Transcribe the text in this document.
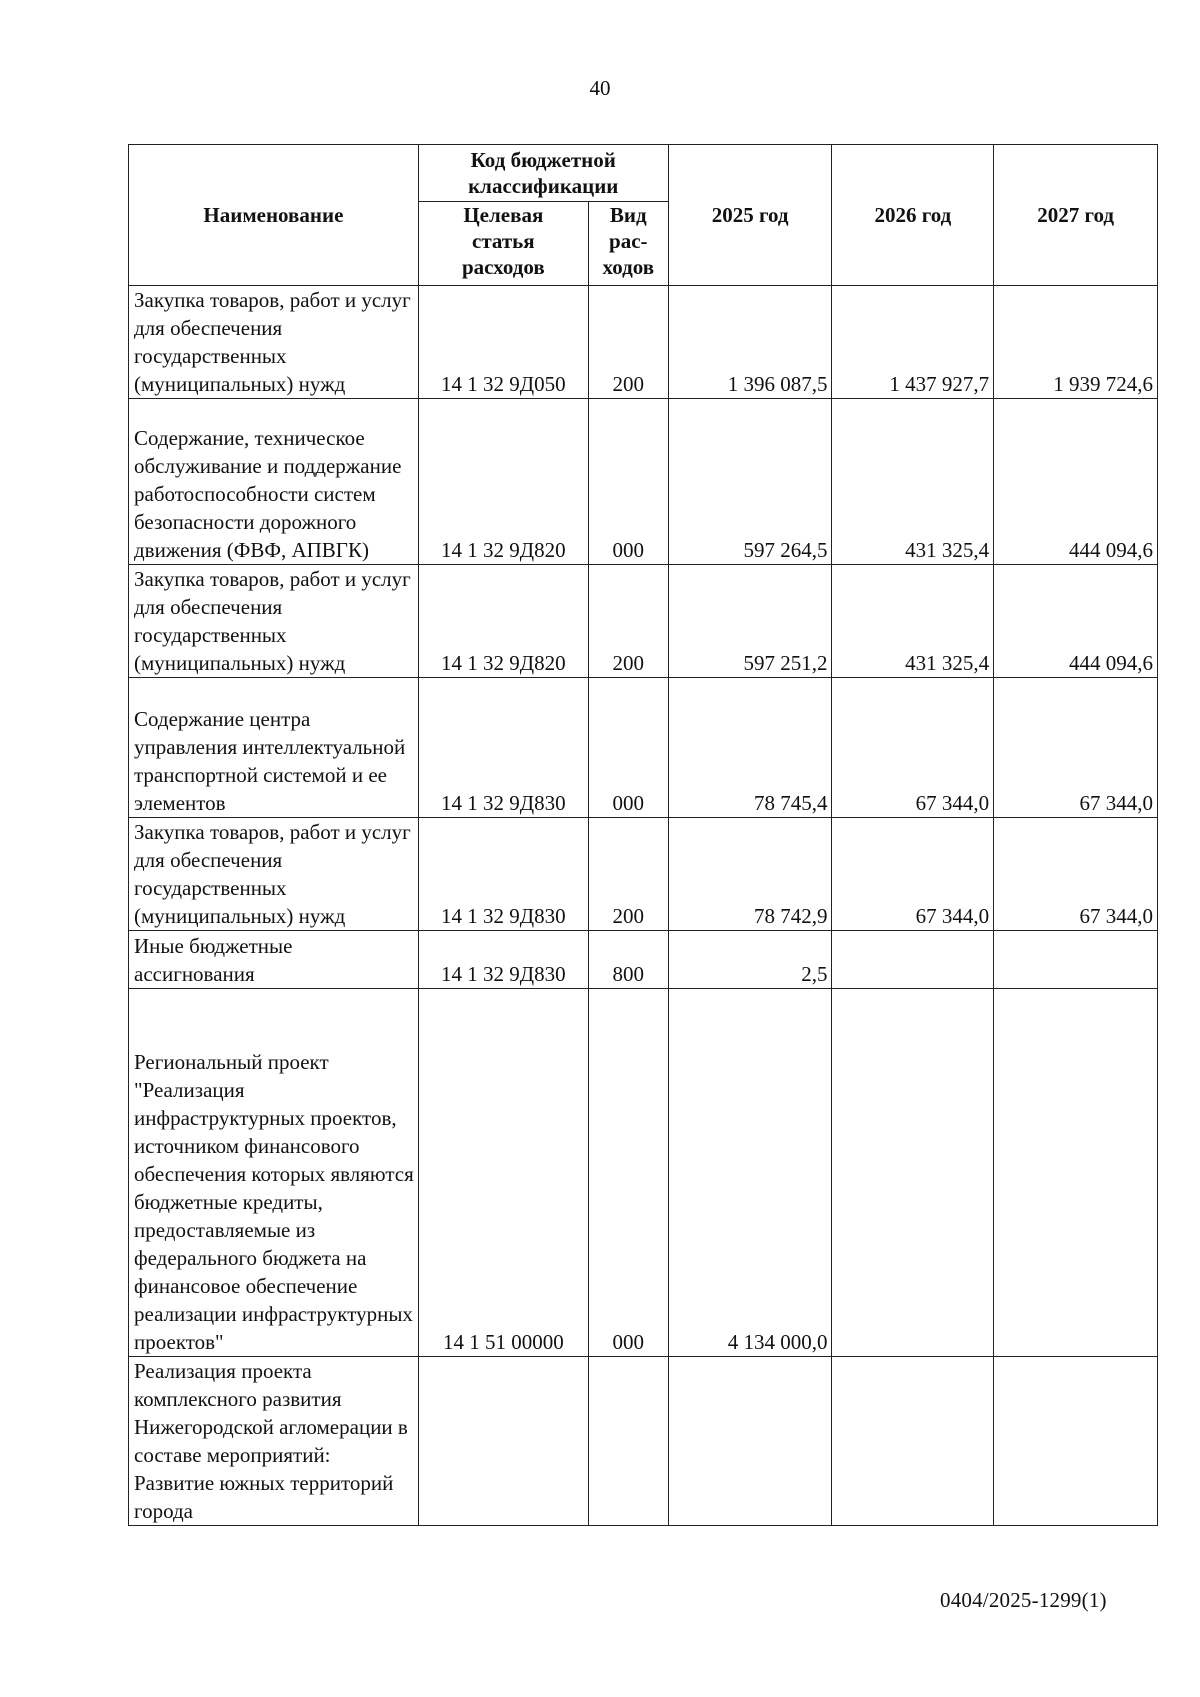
40
Наименование	Код бюджетной классификации		2025 год	2026 год	2027 год
	Целевая статья расходов	Вид рас-ходов			
Закупка товаров, работ и услуг для обеспечения государственных (муниципальных) нужд	14 1 32 9Д050	200	1 396 087,5	1 437 927,7	1 939 724,6
Содержание, техническое обслуживание и поддержание работоспособности систем безопасности дорожного движения (ФВФ, АПВГК)	14 1 32 9Д820	000	597 264,5	431 325,4	444 094,6
Закупка товаров, работ и услуг для обеспечения государственных (муниципальных) нужд	14 1 32 9Д820	200	597 251,2	431 325,4	444 094,6
Содержание центра управления интеллектуальной транспортной системой и ее элементов	14 1 32 9Д830	000	78 745,4	67 344,0	67 344,0
Закупка товаров, работ и услуг для обеспечения государственных (муниципальных) нужд	14 1 32 9Д830	200	78 742,9	67 344,0	67 344,0
Иные бюджетные ассигнования	14 1 32 9Д830	800	2,5		
Региональный проект "Реализация инфраструктурных проектов, источником финансового обеспечения которых являются бюджетные кредиты, предоставляемые из федерального бюджета на финансовое обеспечение реализации инфраструктурных проектов"	14 1 51 00000	000	4 134 000,0		
Реализация проекта комплексного развития Нижегородской агломерации в составе мероприятий: Развитие южных территорий города					
0404/2025-1299(1)
